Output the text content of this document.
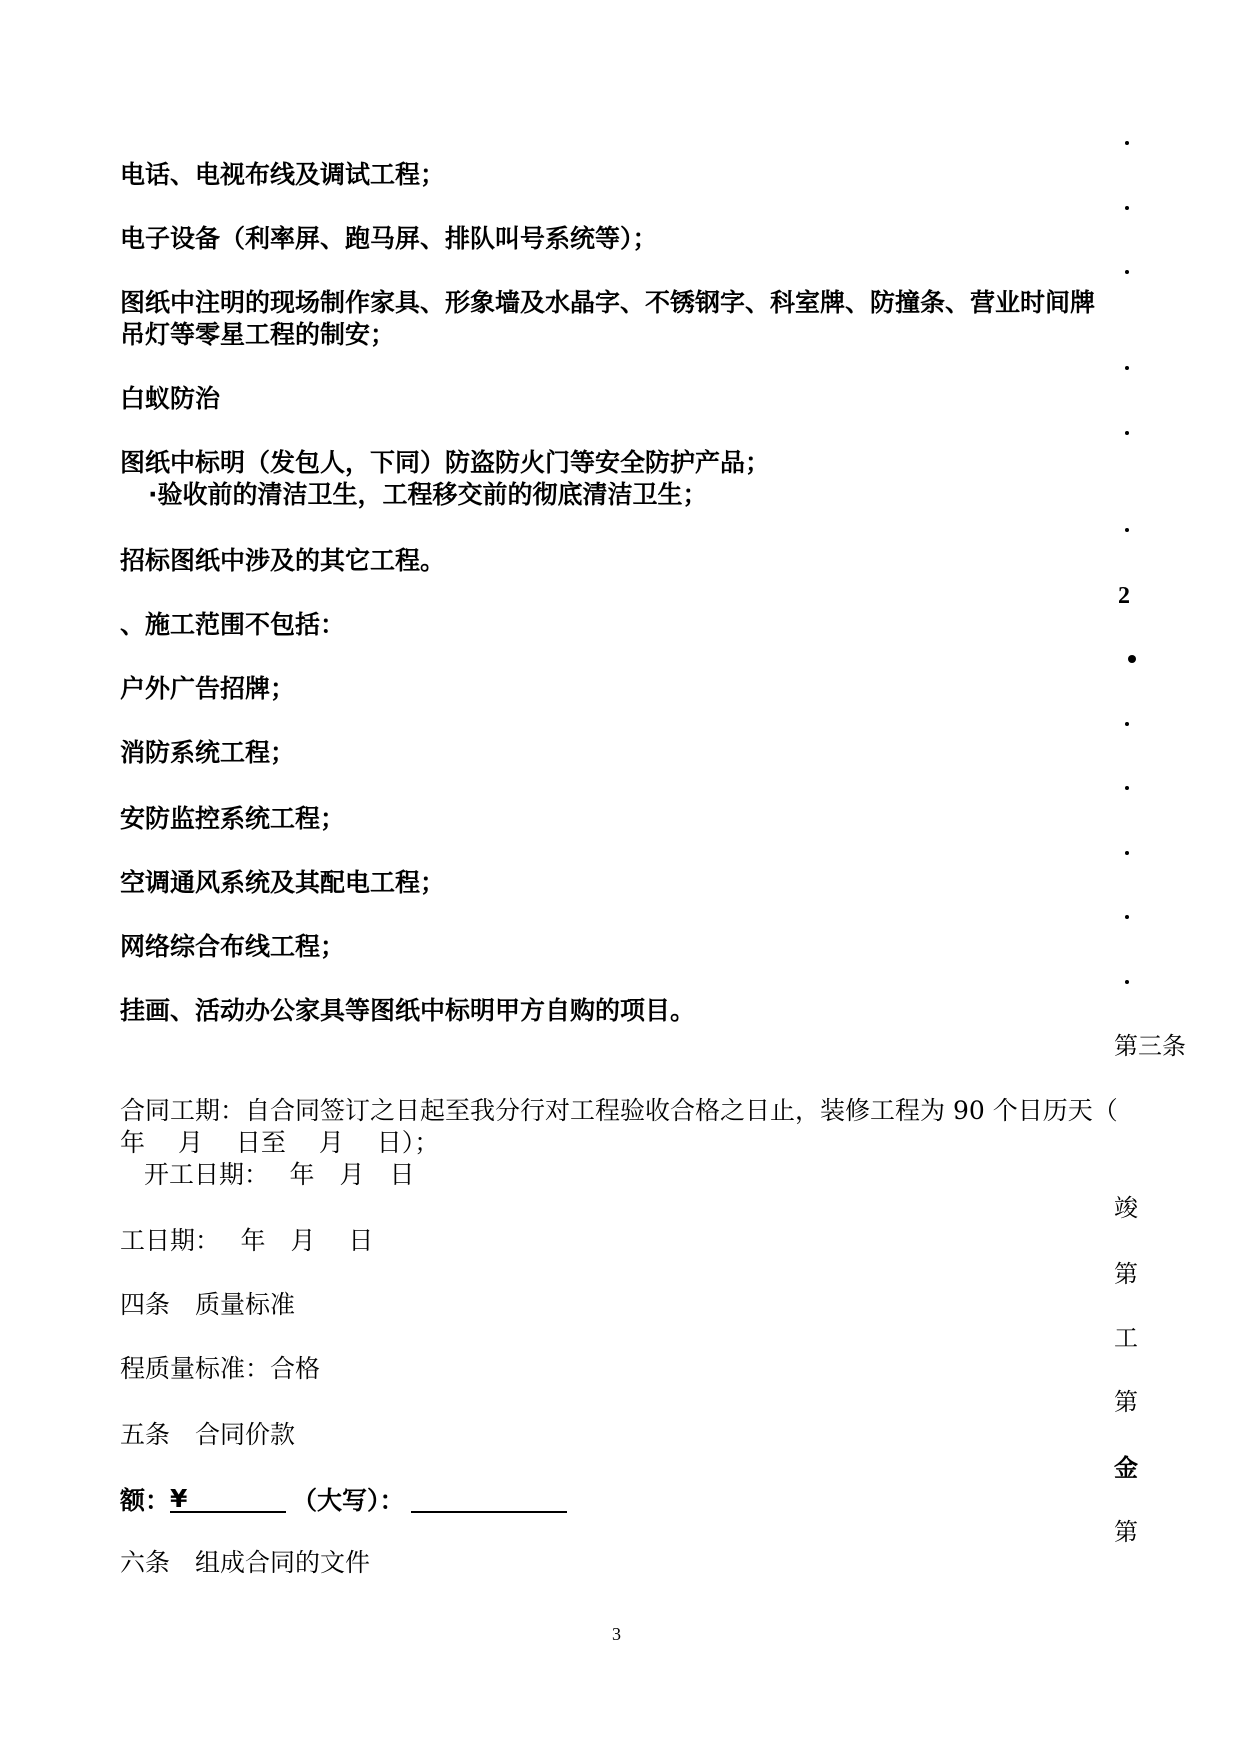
电话、电视布线及调试工程；
电子设备（利率屏、跑马屏、排队叫号系统等）；
图纸中注明的现场制作家具、形象墙及水晶字、不锈钢字、科室牌、防撞条、营业时间牌
吊灯等零星工程的制安；
白蚁防治
图纸中标明（发包人，下同）防盗防火门等安全防护产品；
·验收前的清洁卫生，工程移交前的彻底清洁卫生；
招标图纸中涉及的其它工程。
、施工范围不包括：
户外广告招牌；
消防系统工程；
安防监控系统工程；
空调通风系统及其配电工程；
网络综合布线工程；
挂画、活动办公家具等图纸中标明甲方自购的项目。
合同工期：自合同签订之日起至我分行对工程验收合格之日止，装修工程为 90 个日历天（
年　 月 　日至 　月 　日）；
开工日期：　 年　月　日
工日期：　 年　月　 日
四条　质量标准
程质量标准：合格
五条　合同价款
额：¥	（大写）：
六条　组成合同的文件
2
第三条
竣
第
工
第
金
第
3
